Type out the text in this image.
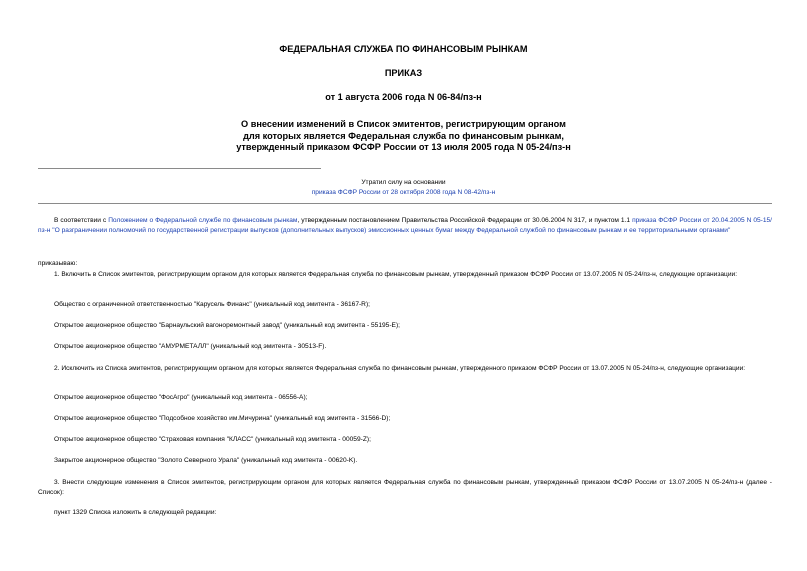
ФЕДЕРАЛЬНАЯ СЛУЖБА ПО ФИНАНСОВЫМ РЫНКАМ
ПРИКАЗ
от 1 августа 2006 года N 06-84/пз-н
О внесении изменений в Список эмитентов, регистрирующим органом
для которых является Федеральная служба по финансовым рынкам,
утвержденный приказом ФСФР России от 13 июля 2005 года N 05-24/пз-н
Утратил силу на основании
приказа ФСФР России от 28 октября 2008 года N 08-42/пз-н
В соответствии с Положением о Федеральной службе по финансовым рынкам, утвержденным постановлением Правительства Российской Федерации от 30.06.2004 N 317, и пунктом 1.1 приказа ФСФР России от 20.04.2005 N 05-15/пз-н "О разграничении полномочий по государственной регистрации выпусков (дополнительных выпусков) эмиссионных ценных бумаг между Федеральной службой по финансовым рынкам и ее территориальными органами"
приказываю:
1. Включить в Список эмитентов, регистрирующим органом для которых является Федеральная служба по финансовым рынкам, утвержденный приказом ФСФР России от 13.07.2005 N 05-24/пз-н, следующие организации:
Общество с ограниченной ответственностью "Карусель Финанс" (уникальный код эмитента - 36167-R);
Открытое акционерное общество "Барнаульский вагоноремонтный завод" (уникальный код эмитента - 55195-E);
Открытое акционерное общество "АМУРМЕТАЛЛ" (уникальный код эмитента - 30513-F).
2. Исключить из Списка эмитентов, регистрирующим органом для которых является Федеральная служба по финансовым рынкам, утвержденного приказом ФСФР России от 13.07.2005 N 05-24/пз-н, следующие организации:
Открытое акционерное общество "ФосАгро" (уникальный код эмитента - 06556-A);
Открытое акционерное общество "Подсобное хозяйство им.Мичурина" (уникальный код эмитента - 31566-D);
Открытое акционерное общество "Страховая компания "КЛАСС" (уникальный код эмитента - 00059-Z);
Закрытое акционерное общество "Золото Северного Урала" (уникальный код эмитента - 00620-K).
3. Внести следующие изменения в Список эмитентов, регистрирующим органом для которых является Федеральная служба по финансовым рынкам, утвержденный приказом ФСФР России от 13.07.2005 N 05-24/пз-н (далее - Список):
пункт 1329 Списка изложить в следующей редакции:
